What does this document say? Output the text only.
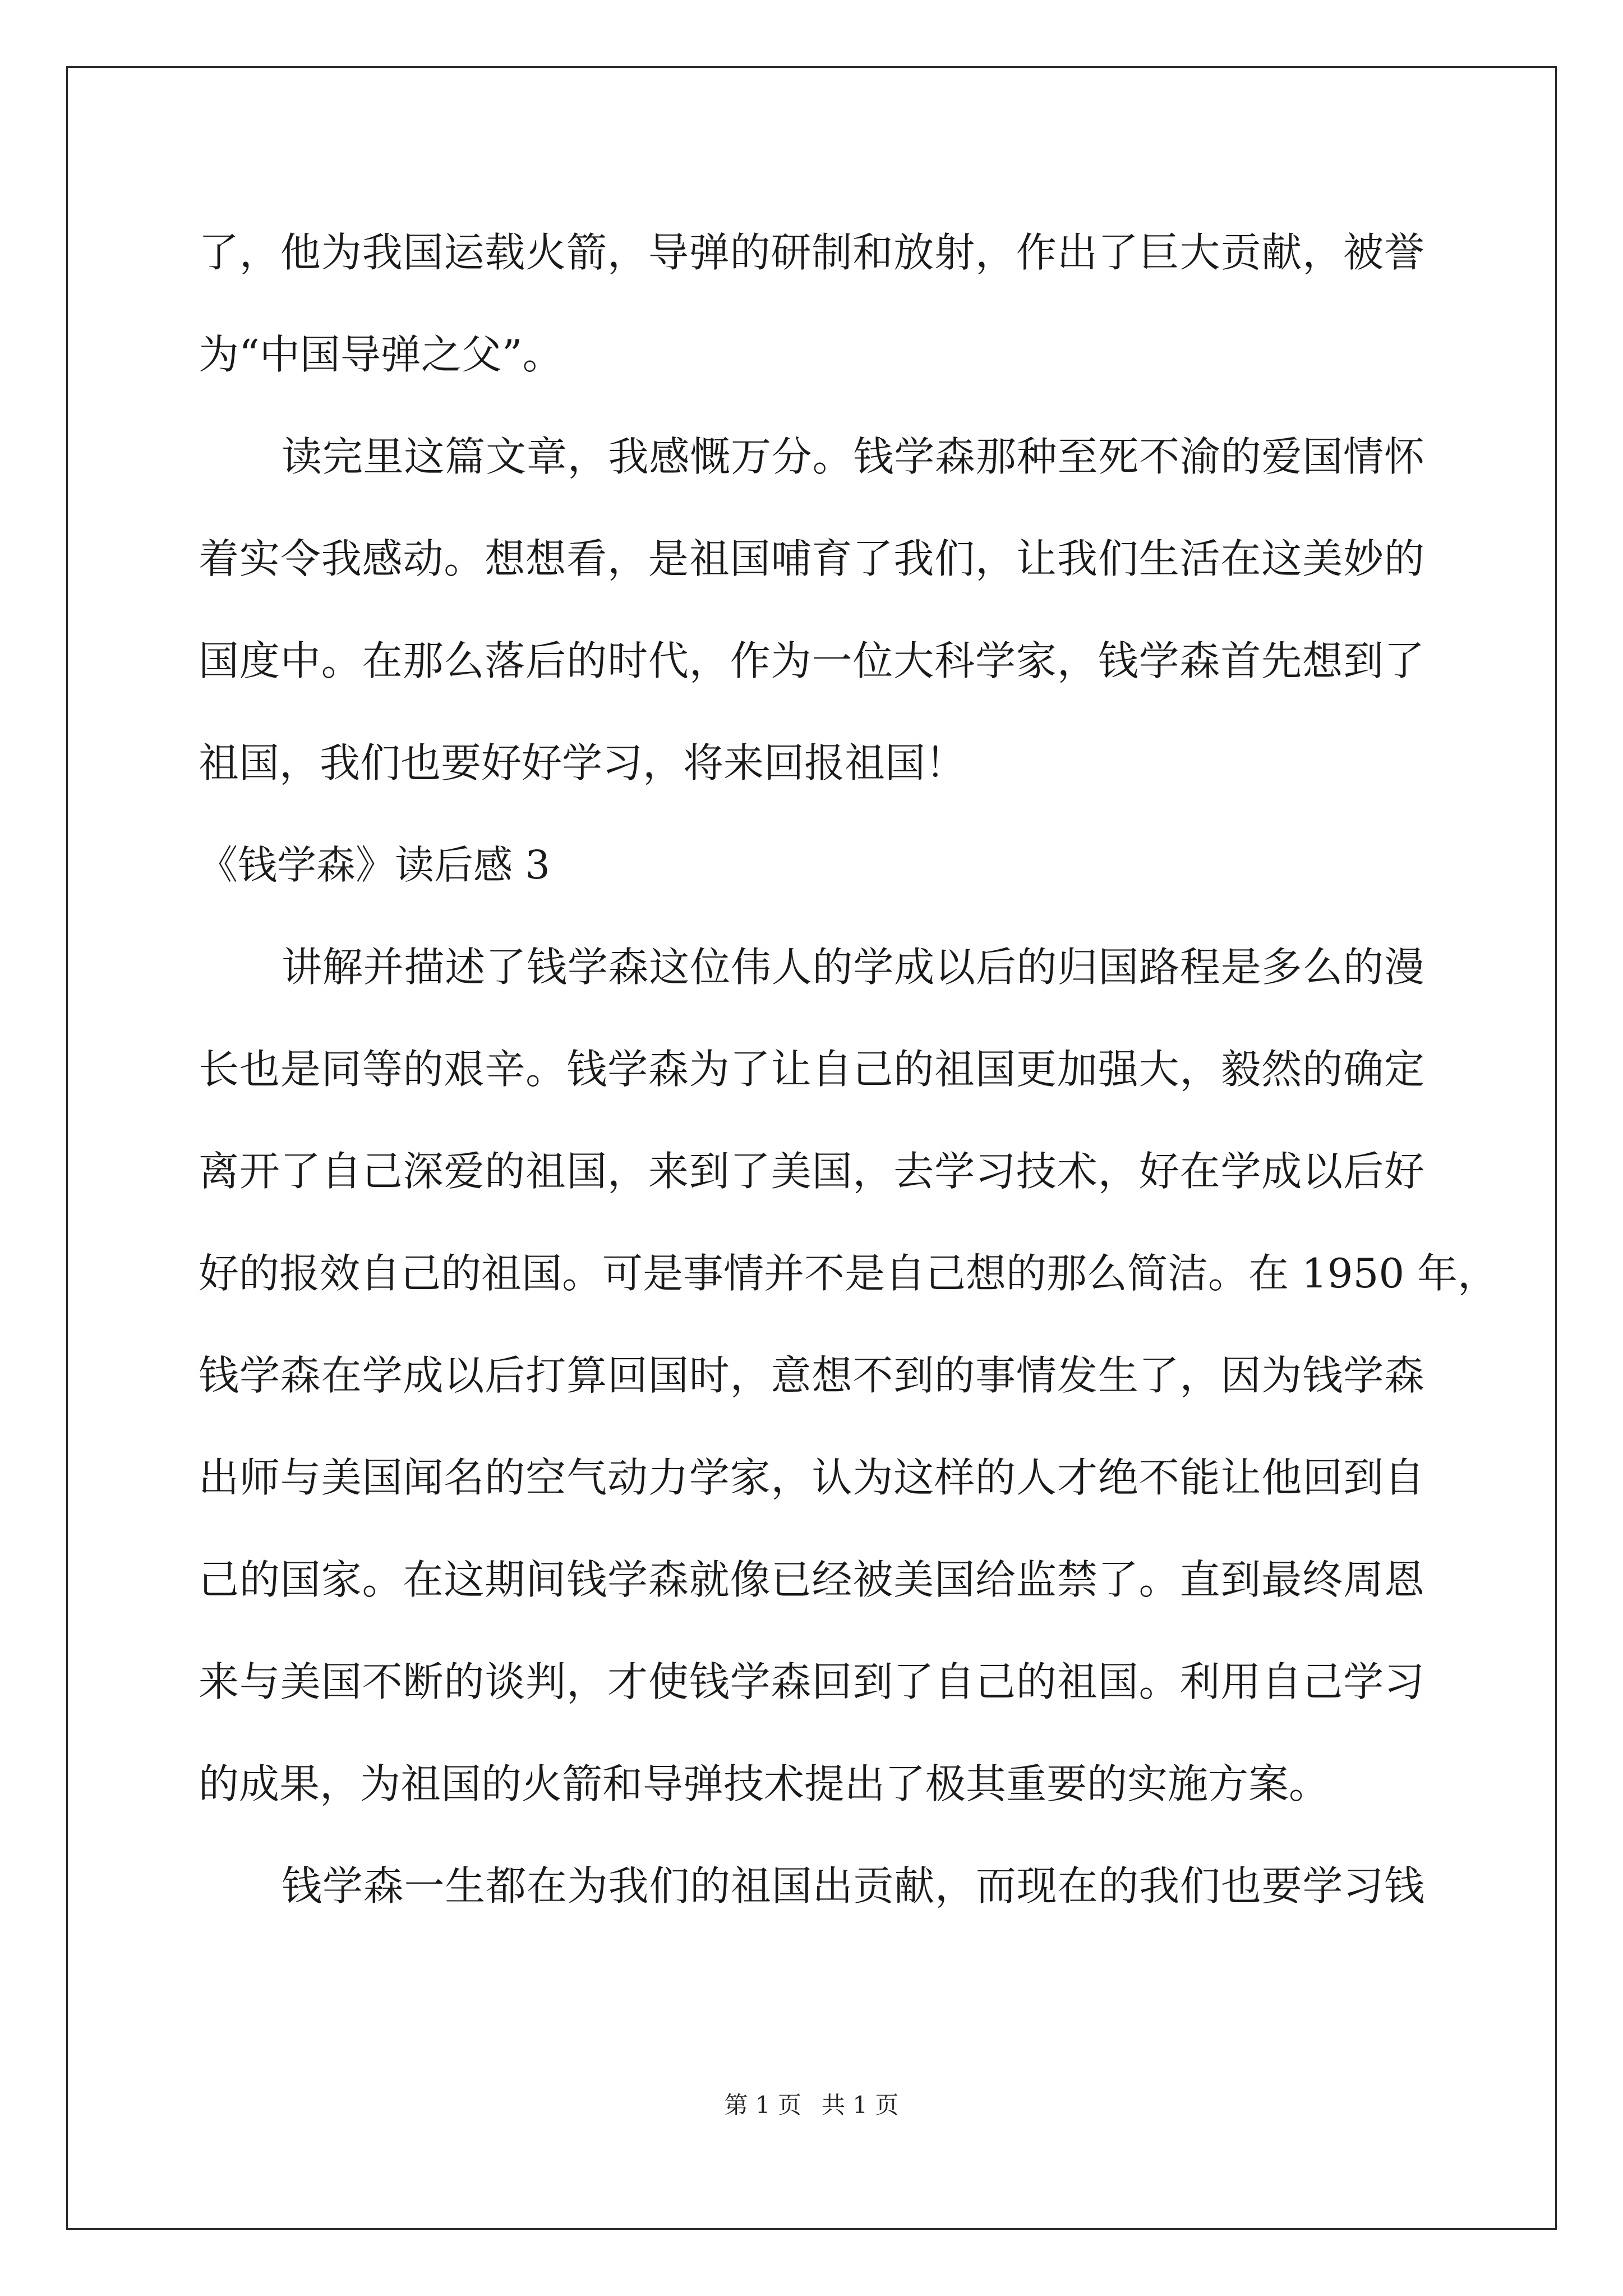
了，他为我国运载火箭，导弹的研制和放射，作出了巨大贡献，被誉
为“中国导弹之父”。
读完里这篇文章，我感慨万分。钱学森那种至死不渝的爱国情怀
着实令我感动。想想看，是祖国哺育了我们，让我们生活在这美妙的
国度中。在那么落后的时代，作为一位大科学家，钱学森首先想到了
祖国，我们也要好好学习，将来回报祖国！
《钱学森》读后感 3
讲解并描述了钱学森这位伟人的学成以后的归国路程是多么的漫
长也是同等的艰辛。钱学森为了让自己的祖国更加强大，毅然的确定
离开了自己深爱的祖国，来到了美国，去学习技术，好在学成以后好
好的报效自己的祖国。可是事情并不是自己想的那么简洁。在 1950 年，
钱学森在学成以后打算回国时，意想不到的事情发生了，因为钱学森
出师与美国闻名的空气动力学家，认为这样的人才绝不能让他回到自
己的国家。在这期间钱学森就像已经被美国给监禁了。直到最终周恩
来与美国不断的谈判，才使钱学森回到了自己的祖国。利用自己学习
的成果，为祖国的火箭和导弹技术提出了极其重要的实施方案。
钱学森一生都在为我们的祖国出贡献，而现在的我们也要学习钱
第 1 页 共 1 页
